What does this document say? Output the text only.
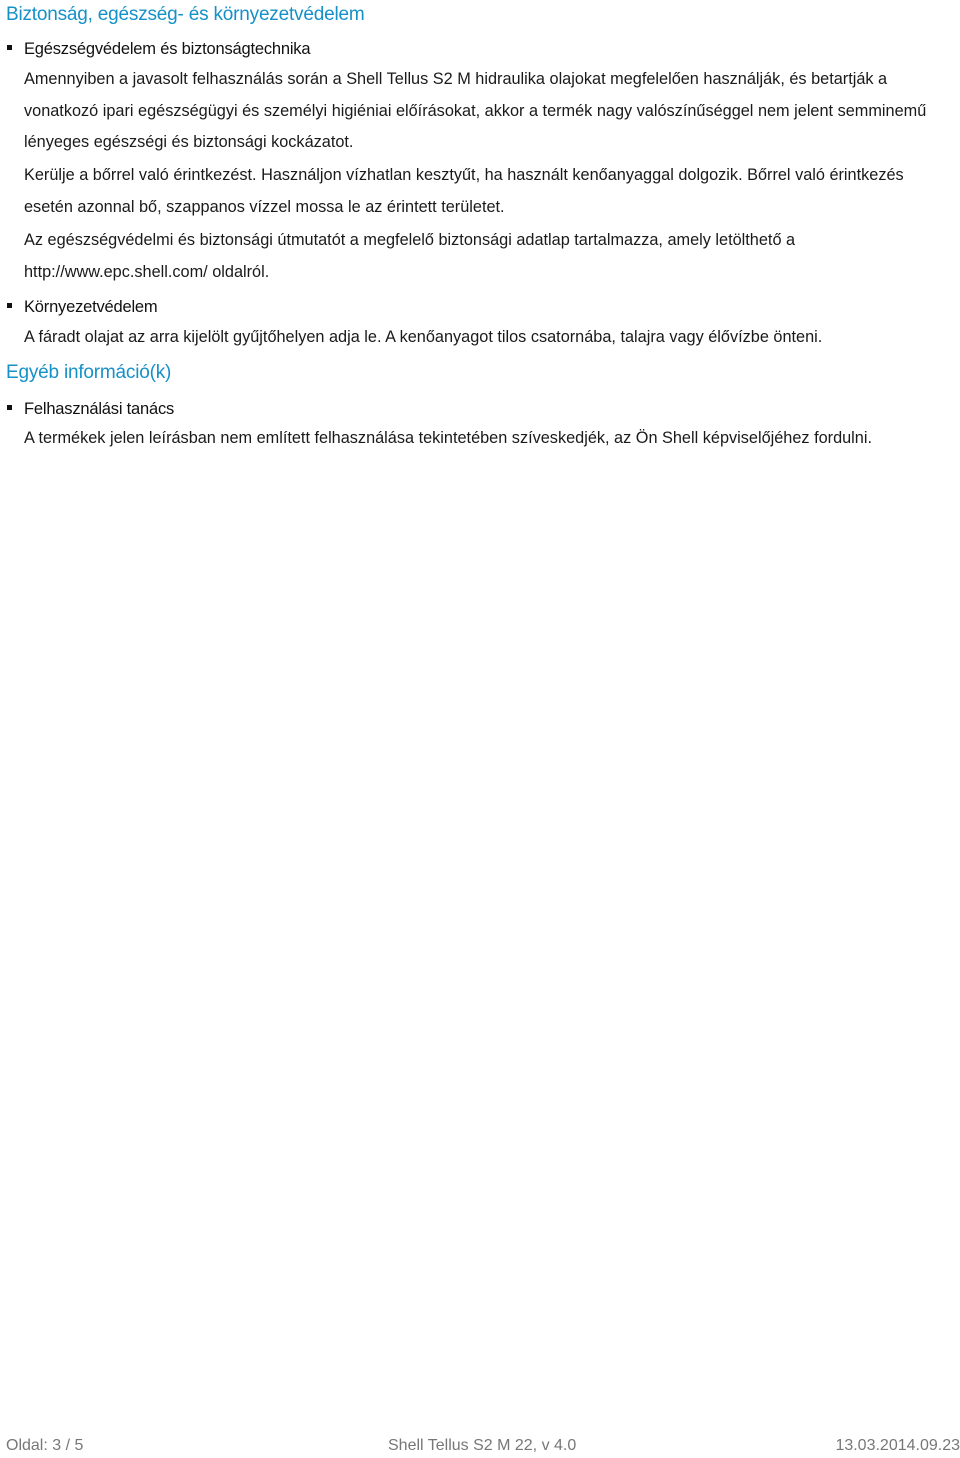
Biztonság, egészség- és környezetvédelem
Egészségvédelem és biztonságtechnika

Amennyiben a javasolt felhasználás során a Shell Tellus S2 M hidraulika olajokat megfelelően használják, és betartják a vonatkozó ipari egészségügyi és személyi higiéniai előírásokat, akkor a termék nagy valószínűséggel nem jelent semminemű lényeges egészségi és biztonsági kockázatot.

Kerülje a bőrrel való érintkezést. Használjon vízhatlan kesztyűt, ha használt kenőanyaggal dolgozik. Bőrrel való érintkezés esetén azonnal bő, szappanos vízzel mossa le az érintett területet.

Az egészségvédelmi és biztonsági útmutatót a megfelelő biztonsági adatlap tartalmazza, amely letölthető a http://www.epc.shell.com/ oldalról.

Környezetvédelem

A fáradt olajat az arra kijelölt gyűjtőhelyen adja le. A kenőanyagot tilos csatornába, talajra vagy élővízbe önteni.

Egyéb információ(k)
Felhasználási tanács

A termékek jelen leírásban nem említett felhasználása tekintetében szíveskedjék, az Ön Shell képviselőjéhez fordulni.

Oldal: 3 / 5	Shell Tellus S2 M 22, v 4.0	13.03.2014.09.23
